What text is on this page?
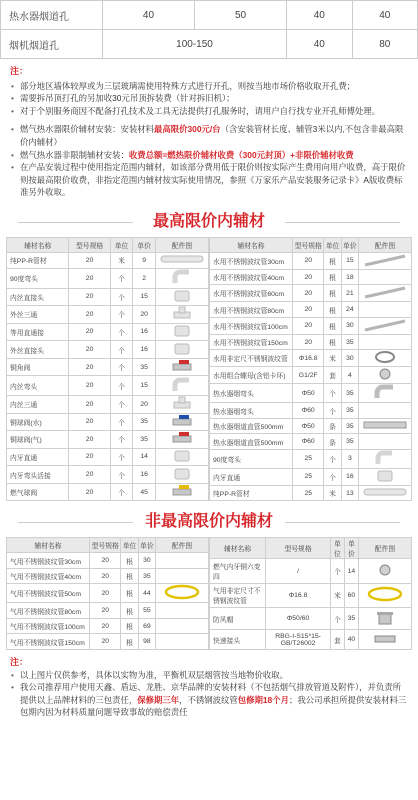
热水器烟道孔	40	50	40	40
烟机烟道孔	100-150		40	80
注：
• 部分地区墙体较厚或为三层玻璃需使用特殊方式进行开孔，则按当地市场价格收取开孔费；
• 需要拆吊顶打孔的另加收30元吊顶拆装费（针对拆旧机）；
• 对于个别服务商因不配备打孔技术及工具无法提供打孔服务时，请用户自行找专业开孔师傅处理。
• 燃气热水器限价辅材安装：安装材料最高限价300元/台（含安装管材长度、辅管3米以内,不包含非最高限价内辅材）
• 燃气热水器非限制辅材安装：收费总额=燃热限价辅材收费（300元封顶）+非限价辅材收费
• 在产品安装过程中使用指定范围内辅材，如该部分费用低于限价则按实际产生费用向用户收费，高于限价则按最高限价收费，非指定范围内辅材按实际使用情况，参照《万家乐产品安装服务记录卡》A版收费标准另外收取。
最高限价内辅材
辅材名称	型号规格	单位	单价	配件图
纯PP-R管材	20	米	9	
90度弯头	20	个	2	
内丝直接头	20	个	15	
外丝三通	20	个	20	
等用直通接	20	个	16	
外丝直接头	20	个	16	
铜角阀	20	个	35	
内丝弯头	20	个	15	
内丝三通	20	个	20	
铜球阀(水)	20	个	35	
铜球阀(气)	20	个	35	
内牙直通	20	个	14	
内牙弯头活接	20	个	16	
燃气球阀	20	个	45	
辅材名称	型号规格	单位	单价	配件图
水用不锈钢波纹管30cm	20	根	15	
水用不锈钢波纹管40cm	20	根	18	
水用不锈钢波纹管60cm	20	根	21	
水用不锈钢波纹管80cm	20	根	24	
水用不锈钢波纹管100cm	20	根	30	
水用不锈钢波纹管150cm	20	根	35	
水用非定尺不锈钢波纹管	Φ16.8	米	30	
水用组合螺母(含铝卡环)	G1/2F	套	4	
热水器烟弯头	Φ50	个	35	
热水器烟弯头	Φ60	个	35	
热水器烟道直管500mm	Φ50	条	35	
热水器烟道直管500mm	Φ60	条	35	
90度弯头	25	个	3	
内牙直通	25	个	16	
纯PP-R管材	25	米	13	
非最高限价内辅材
辅材名称	型号规格	单位	单价	配件图
气用不锈钢波纹管30cm	20	根	30	
气用不锈钢波纹管40cm	20	根	35	
气用不锈钢波纹管50cm	20	根	44	
气用不锈钢波纹管80cm	20	根	55	
气用不锈钢波纹管100cm	20	根	69	
气用不锈钢波纹管150cm	20	根	98	
辅材名称	型号规格	单位	单价	配件图
燃气内牙铜六变四	/	个	14	
气用非定尺寸不锈钢波纹管	Φ16.8	米	60	
防风帽	Φ50/60	个	35	
快速接头	RBG-I-S15*15-GB/T26002	套	40	
注：
• 以上图片仅供参考，具体以实物为准，平衡机双层烟管按当地物价收取。
• 我公司推荐用户使用天鑫、盾远、龙胜、京华品牌的安装材料（不包括烟气排放管道及附件），并负责所提供以上品牌材料的三包责任，保修期三年，不锈钢波纹管包修期18个月；我公司承担所提供安装材料三包期内因为材料质量问题导致事故的赔偿责任
